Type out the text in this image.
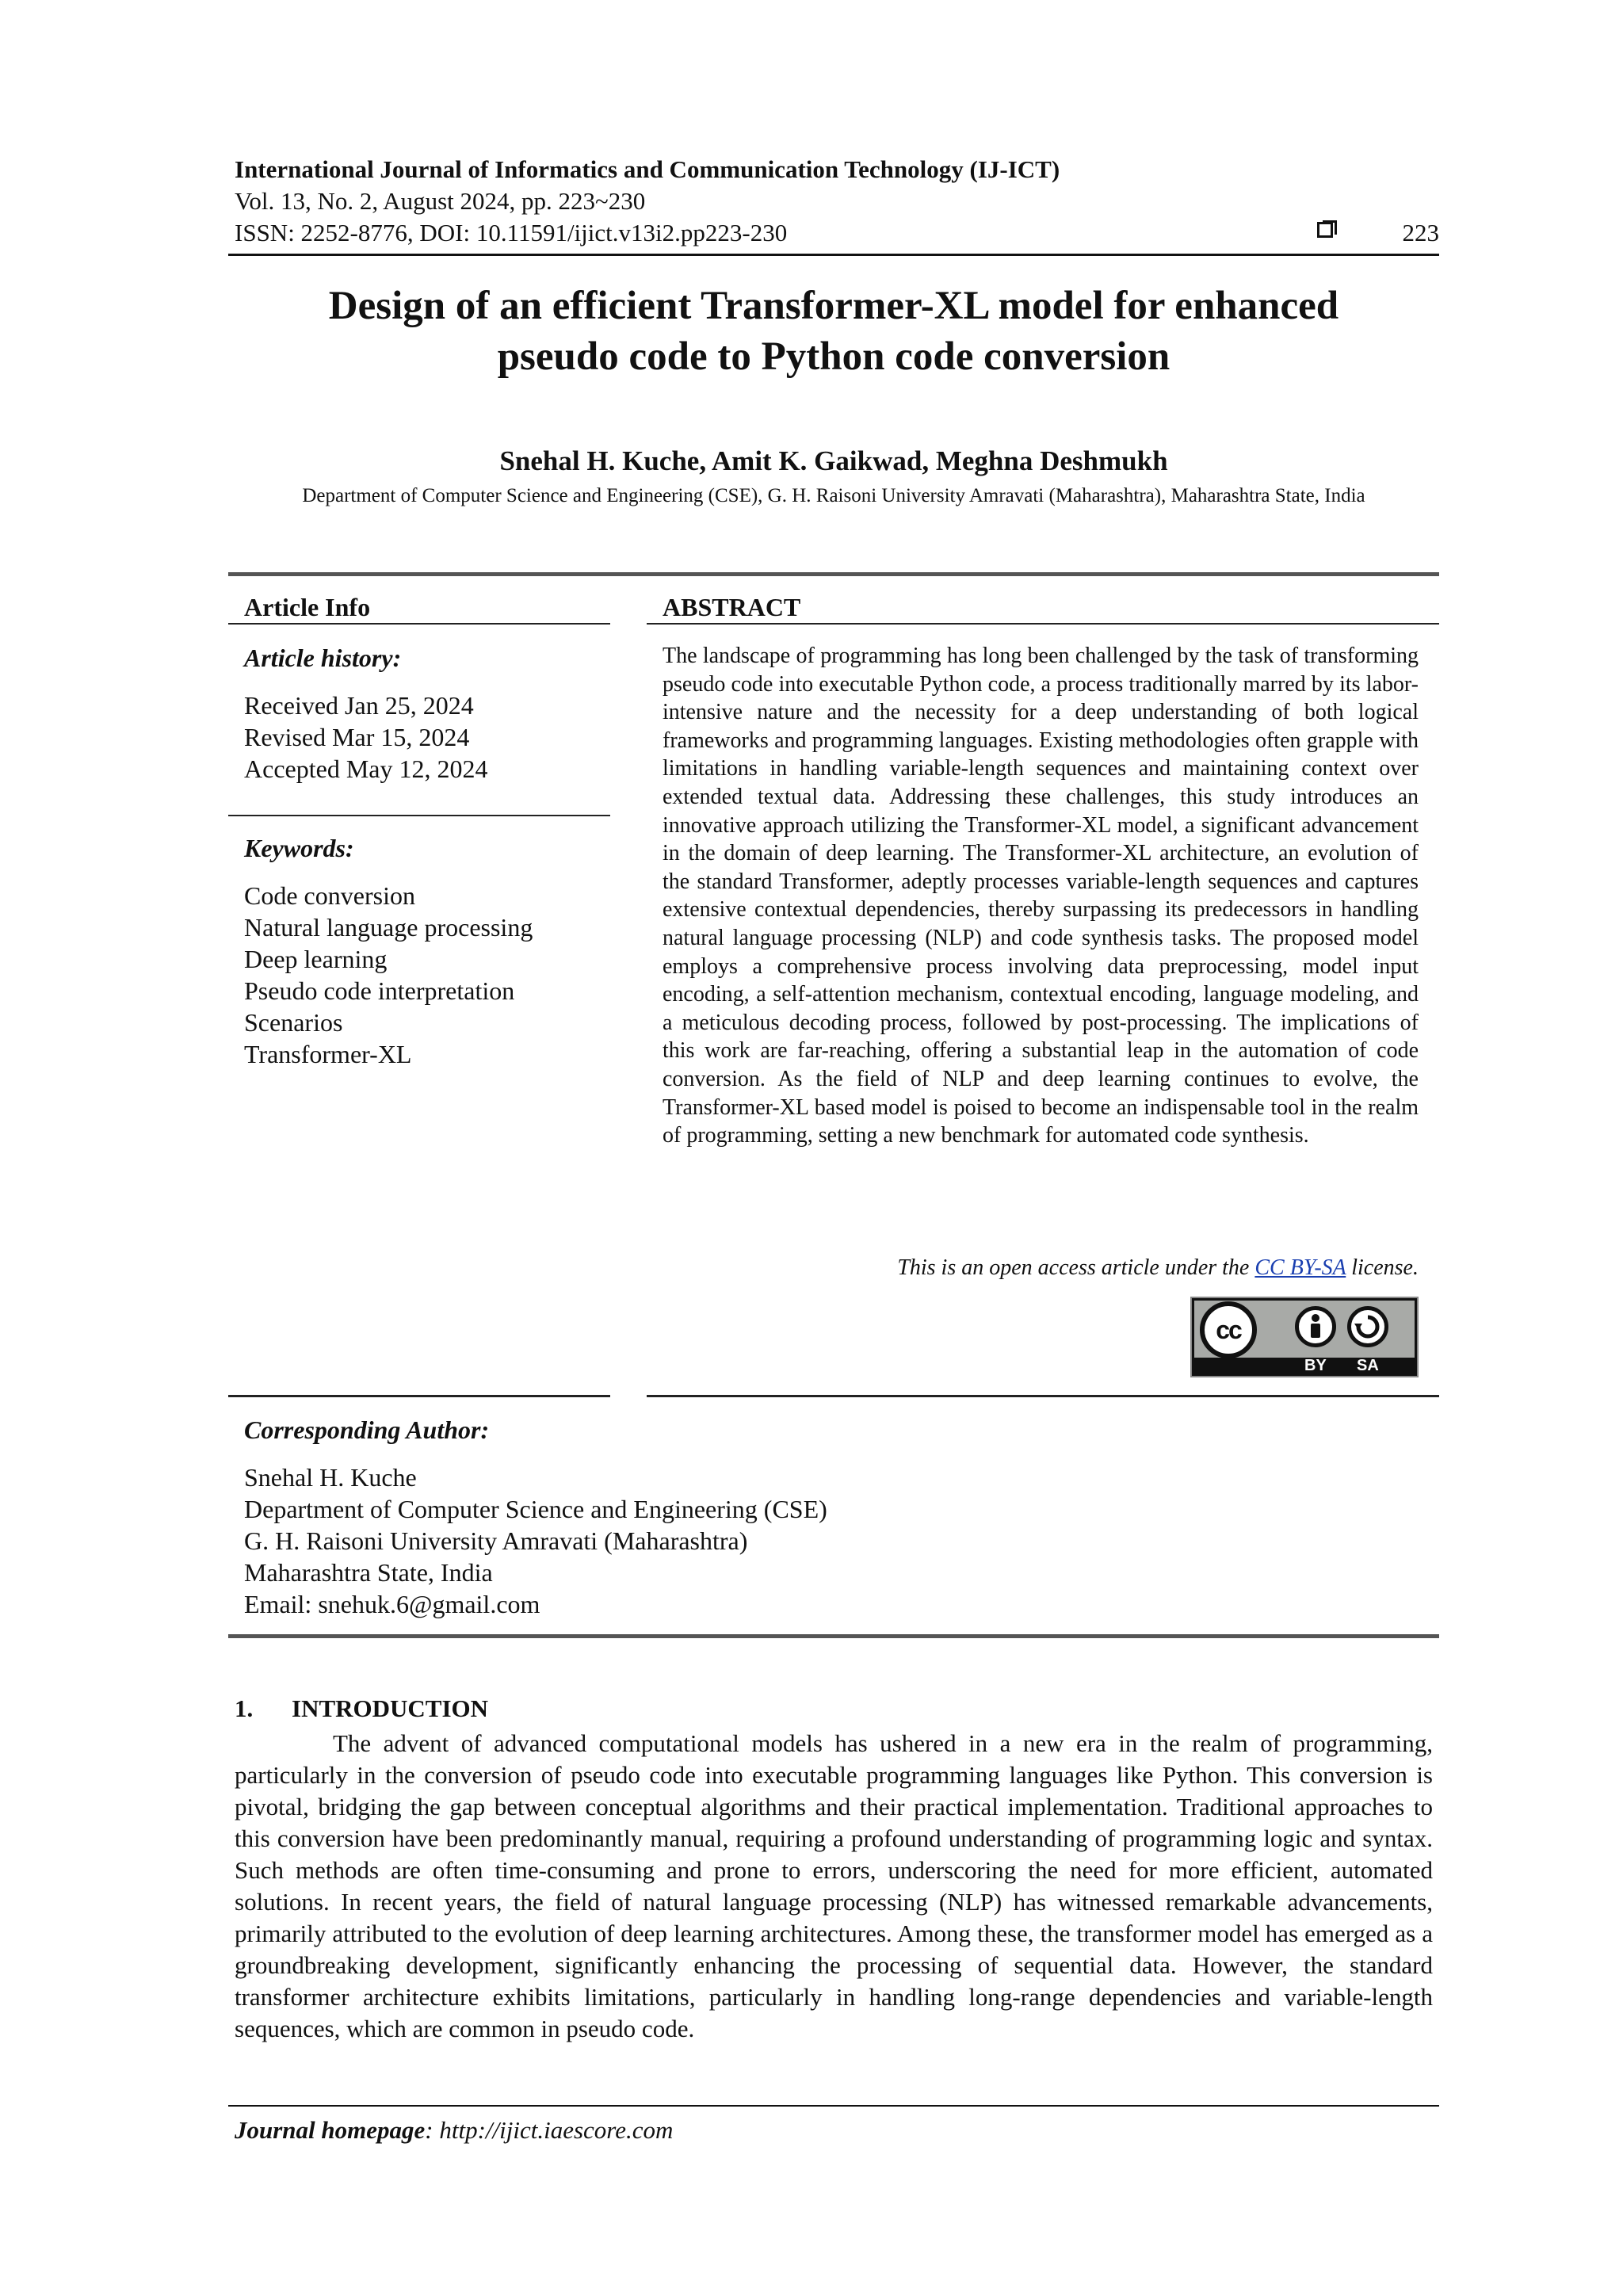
International Journal of Informatics and Communication Technology (IJ-ICT)
Vol. 13, No. 2, August 2024, pp. 223~230
ISSN: 2252-8776, DOI: 10.11591/ijict.v13i2.pp223-230	223
Design of an efficient Transformer-XL model for enhanced
pseudo code to Python code conversion
Snehal H. Kuche, Amit K. Gaikwad, Meghna Deshmukh
Department of Computer Science and Engineering (CSE), G. H. Raisoni University Amravati (Maharashtra), Maharashtra State, India
Article Info
Article history:
Received Jan 25, 2024
Revised Mar 15, 2024
Accepted May 12, 2024
Keywords:
Code conversion
Natural language processing
Deep learning
Pseudo code interpretation
Scenarios
Transformer-XL
ABSTRACT
The landscape of programming has long been challenged by the task of transforming pseudo code into executable Python code, a process traditionally marred by its labor-intensive nature and the necessity for a deep understanding of both logical frameworks and programming languages. Existing methodologies often grapple with limitations in handling variable-length sequences and maintaining context over extended textual data. Addressing these challenges, this study introduces an innovative approach utilizing the Transformer-XL model, a significant advancement in the domain of deep learning. The Transformer-XL architecture, an evolution of the standard Transformer, adeptly processes variable-length sequences and captures extensive contextual dependencies, thereby surpassing its predecessors in handling natural language processing (NLP) and code synthesis tasks. The proposed model employs a comprehensive process involving data preprocessing, model input encoding, a self-attention mechanism, contextual encoding, language modeling, and a meticulous decoding process, followed by post-processing. The implications of this work are far-reaching, offering a substantial leap in the automation of code conversion. As the field of NLP and deep learning continues to evolve, the Transformer-XL based model is poised to become an indispensable tool in the realm of programming, setting a new benchmark for automated code synthesis.
This is an open access article under the CC BY-SA license.
cc
BY SA
Corresponding Author:
Snehal H. Kuche
Department of Computer Science and Engineering (CSE)
G. H. Raisoni University Amravati (Maharashtra)
Maharashtra State, India
Email: snehuk.6@gmail.com
1. INTRODUCTION
The advent of advanced computational models has ushered in a new era in the realm of programming, particularly in the conversion of pseudo code into executable programming languages like Python. This conversion is pivotal, bridging the gap between conceptual algorithms and their practical implementation. Traditional approaches to this conversion have been predominantly manual, requiring a profound understanding of programming logic and syntax. Such methods are often time-consuming and prone to errors, underscoring the need for more efficient, automated solutions. In recent years, the field of natural language processing (NLP) has witnessed remarkable advancements, primarily attributed to the evolution of deep learning architectures. Among these, the transformer model has emerged as a groundbreaking development, significantly enhancing the processing of sequential data. However, the standard transformer architecture exhibits limitations, particularly in handling long-range dependencies and variable-length sequences, which are common in pseudo code.
Journal homepage: http://ijict.iaescore.com
